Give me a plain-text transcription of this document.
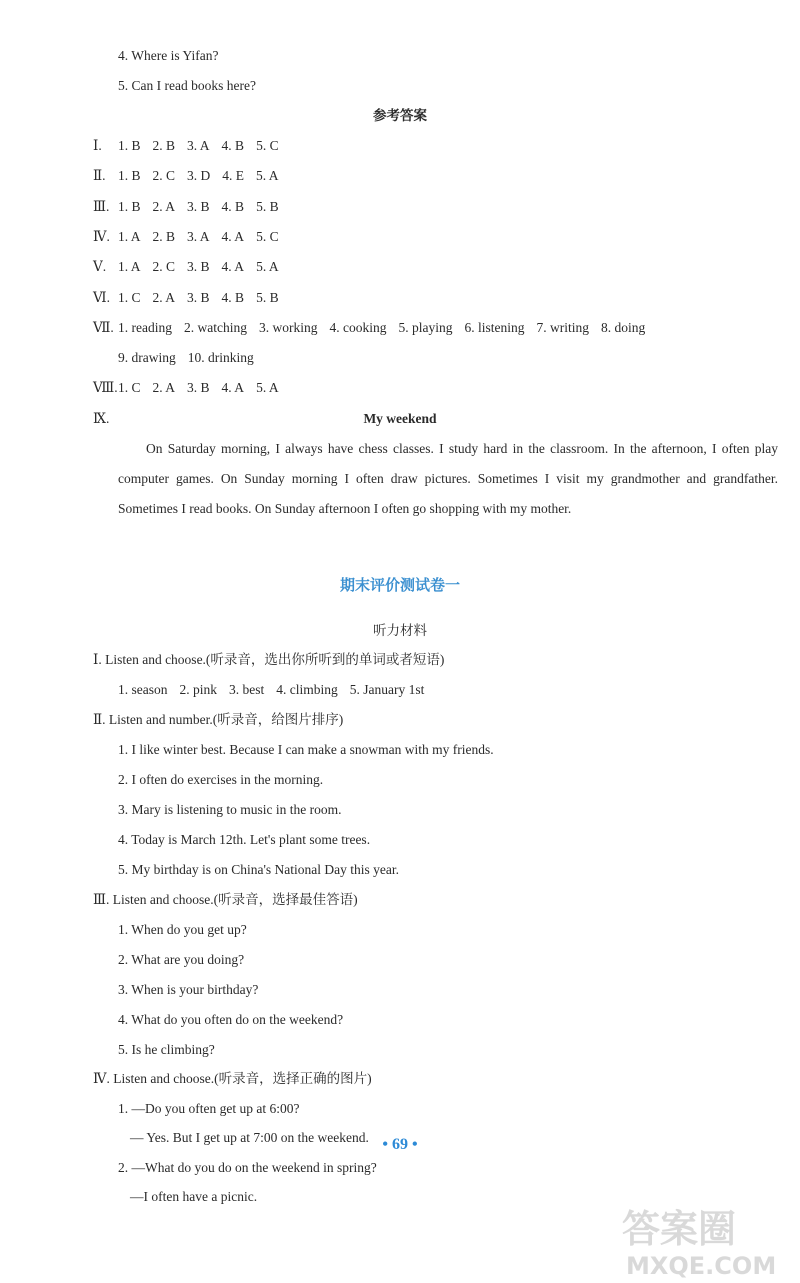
4. Where is Yifan?
5. Can I read books here?
参考答案
Ⅰ. 1. B 2. B 3. A 4. B 5. C
Ⅱ. 1. B 2. C 3. D 4. E 5. A
Ⅲ. 1. B 2. A 3. B 4. B 5. B
Ⅳ. 1. A 2. B 3. A 4. A 5. C
Ⅴ. 1. A 2. C 3. B 4. A 5. A
Ⅵ. 1. C 2. A 3. B 4. B 5. B
Ⅶ. 1. reading 2. watching 3. working 4. cooking 5. playing 6. listening 7. writing 8. doing
9. drawing 10. drinking
Ⅷ.1. C 2. A 3. B 4. A 5. A
Ⅸ.	My weekend
On Saturday morning, I always have chess classes. I study hard in the classroom. In the afternoon, I often play computer games. On Sunday morning I often draw pictures. Sometimes I visit my grandmother and grandfather. Sometimes I read books. On Sunday afternoon I often go shopping with my mother.
期末评价测试卷一
听力材料
Ⅰ. Listen and choose.(听录音，选出你所听到的单词或者短语)
1. season 2. pink 3. best 4. climbing 5. January 1st
Ⅱ. Listen and number.(听录音，给图片排序)
1. I like winter best. Because I can make a snowman with my friends.
2. I often do exercises in the morning.
3. Mary is listening to music in the room.
4. Today is March 12th. Let's plant some trees.
5. My birthday is on China's National Day this year.
Ⅲ. Listen and choose.(听录音，选择最佳答语)
1. When do you get up?
2. What are you doing?
3. When is your birthday?
4. What do you often do on the weekend?
5. Is he climbing?
Ⅳ. Listen and choose.(听录音，选择正确的图片)
1. —Do you often get up at 6:00?
— Yes. But I get up at 7:00 on the weekend.
2. —What do you do on the weekend in spring?
—I often have a picnic.
• 69 •
答案圈
MXQE.COM
